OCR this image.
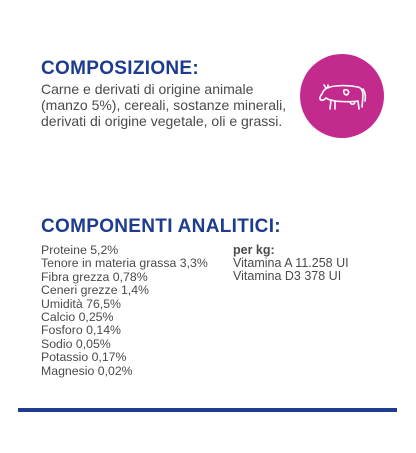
COMPOSIZIONE:

Carne e derivati di origine animale (manzo 5%), cereali, sostanze minerali, derivati di origine vegetale, oli e grassi.

COMPONENTI ANALITICI:
Proteine 5,2%
Tenore in materia grassa 3,3%
Fibra grezza 0,78%
Ceneri grezze 1,4%
Umidità 76,5%
Calcio 0,25%
Fosforo 0,14%
Sodio 0,05%
Potassio 0,17%
Magnesio 0,02%

per kg:

Vitamina A 11.258 UI
Vitamina D3 378 UI
